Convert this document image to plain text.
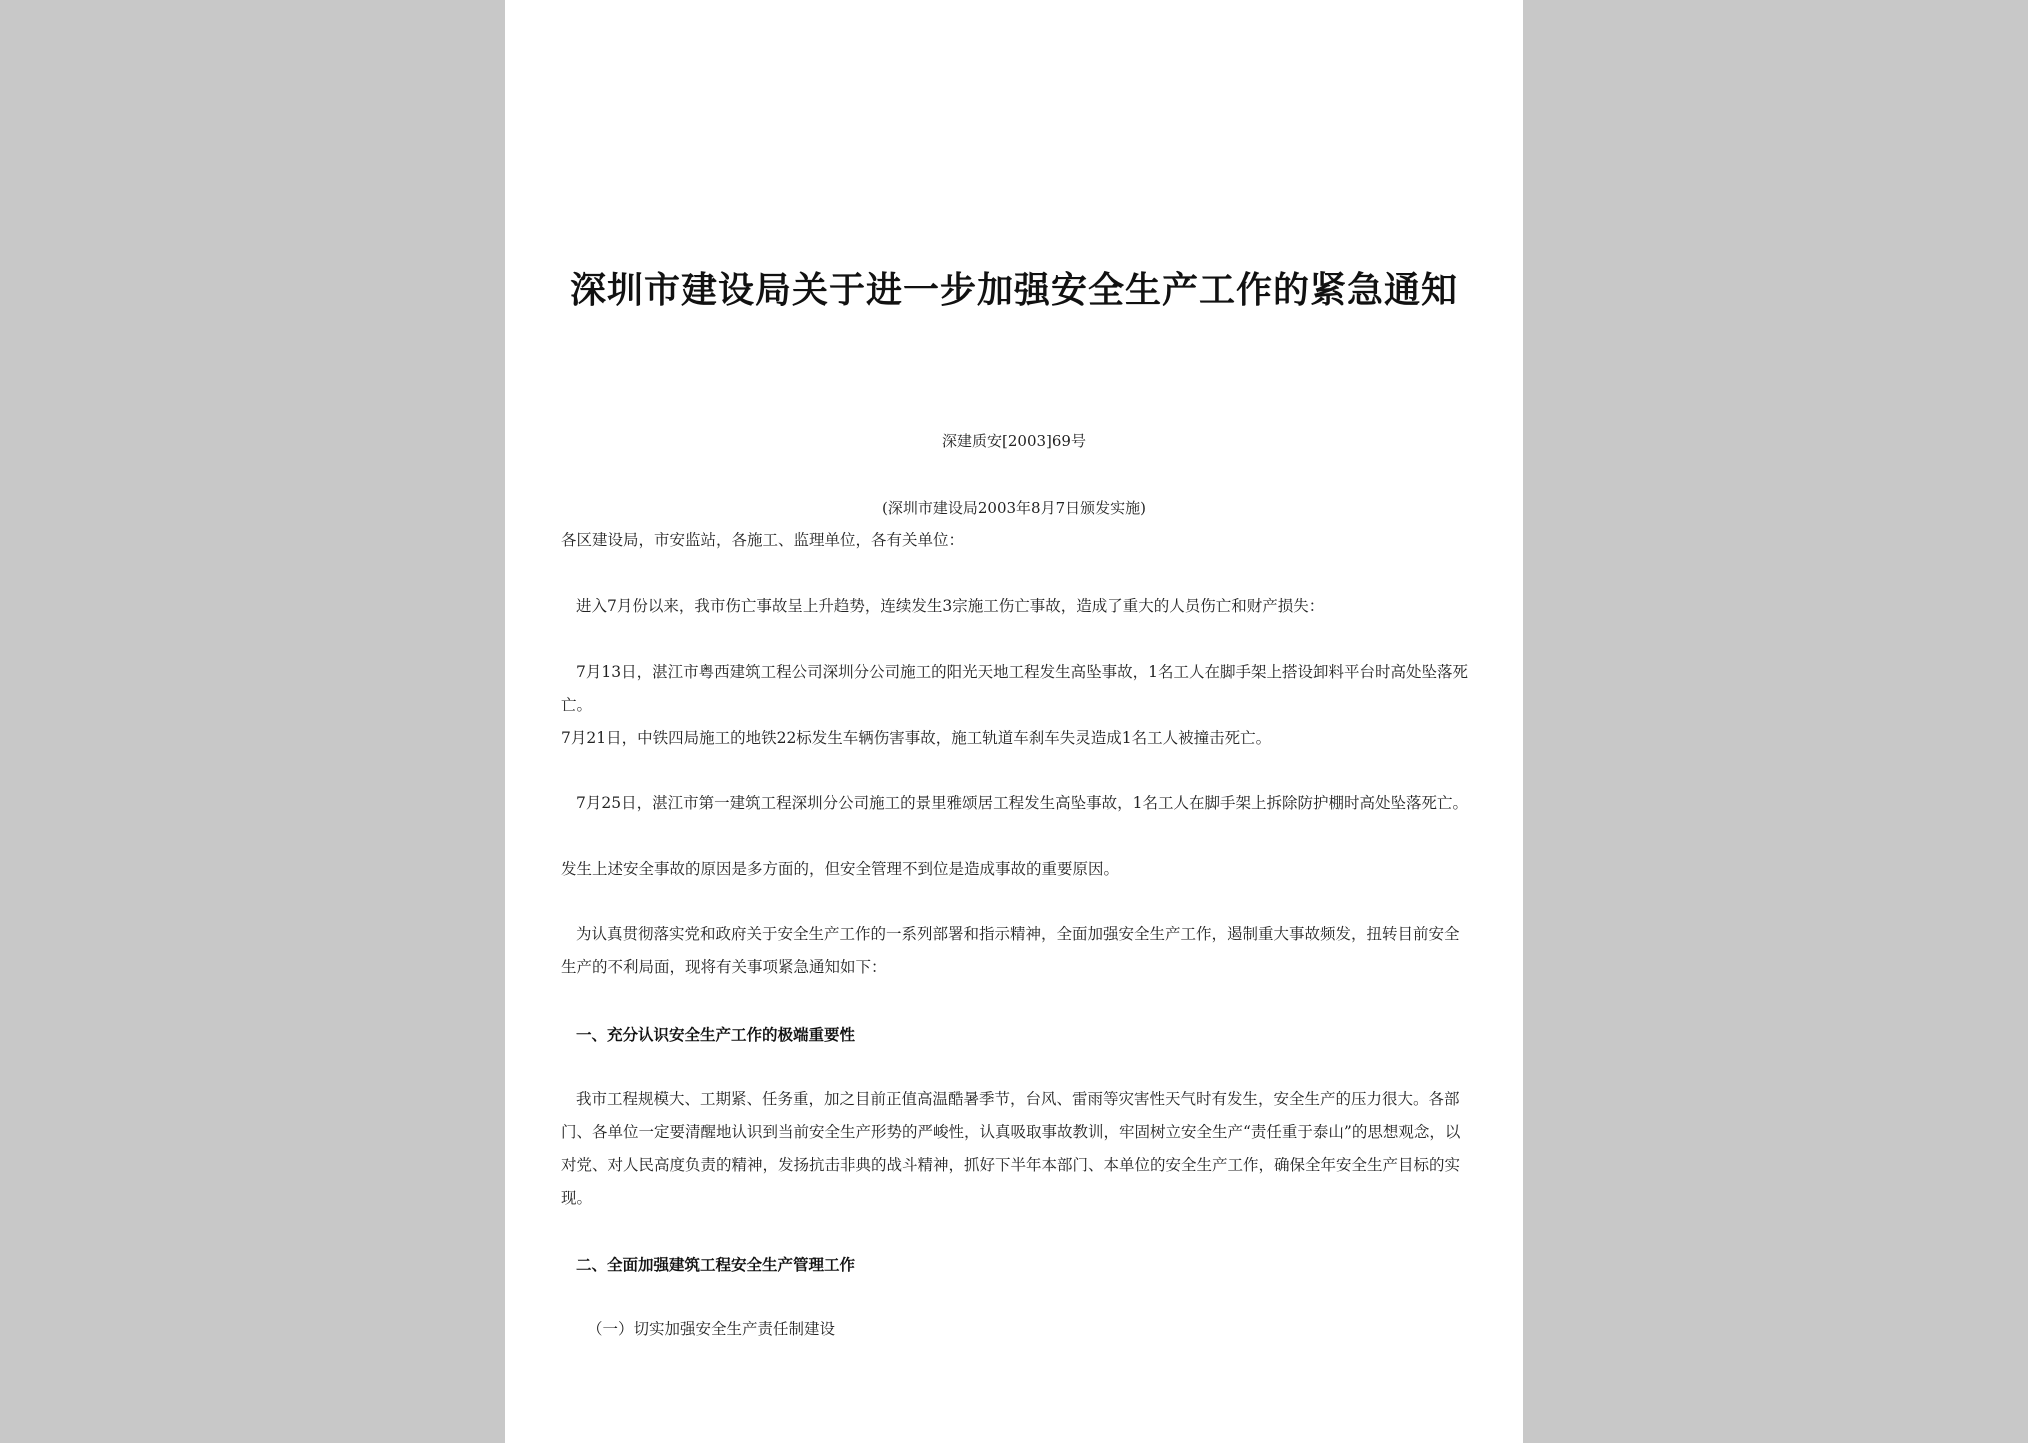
深圳市建设局关于进一步加强安全生产工作的紧急通知
深建质安[2003]69号
(深圳市建设局2003年8月7日颁发实施)

各区建设局，市安监站，各施工、监理单位，各有关单位：

进入7月份以来，我市伤亡事故呈上升趋势，连续发生3宗施工伤亡事故，造成了重大的人员伤亡和财产损失：

7月13日，湛江市粤西建筑工程公司深圳分公司施工的阳光天地工程发生高坠事故，1名工人在脚手架上搭设卸料平台时高处坠落死亡。

7月21日，中铁四局施工的地铁22标发生车辆伤害事故，施工轨道车刹车失灵造成1名工人被撞击死亡。

7月25日，湛江市第一建筑工程深圳分公司施工的景里雅颂居工程发生高坠事故，1名工人在脚手架上拆除防护棚时高处坠落死亡。

发生上述安全事故的原因是多方面的，但安全管理不到位是造成事故的重要原因。

为认真贯彻落实党和政府关于安全生产工作的一系列部署和指示精神，全面加强安全生产工作，遏制重大事故频发，扭转目前安全生产的不利局面，现将有关事项紧急通知如下：

一、充分认识安全生产工作的极端重要性

我市工程规模大、工期紧、任务重，加之目前正值高温酷暑季节，台风、雷雨等灾害性天气时有发生，安全生产的压力很大。各部门、各单位一定要清醒地认识到当前安全生产形势的严峻性，认真吸取事故教训，牢固树立安全生产“责任重于泰山”的思想观念，以对党、对人民高度负责的精神，发扬抗击非典的战斗精神，抓好下半年本部门、本单位的安全生产工作，确保全年安全生产目标的实现。

二、全面加强建筑工程安全生产管理工作
（一）切实加强安全生产责任制建设
